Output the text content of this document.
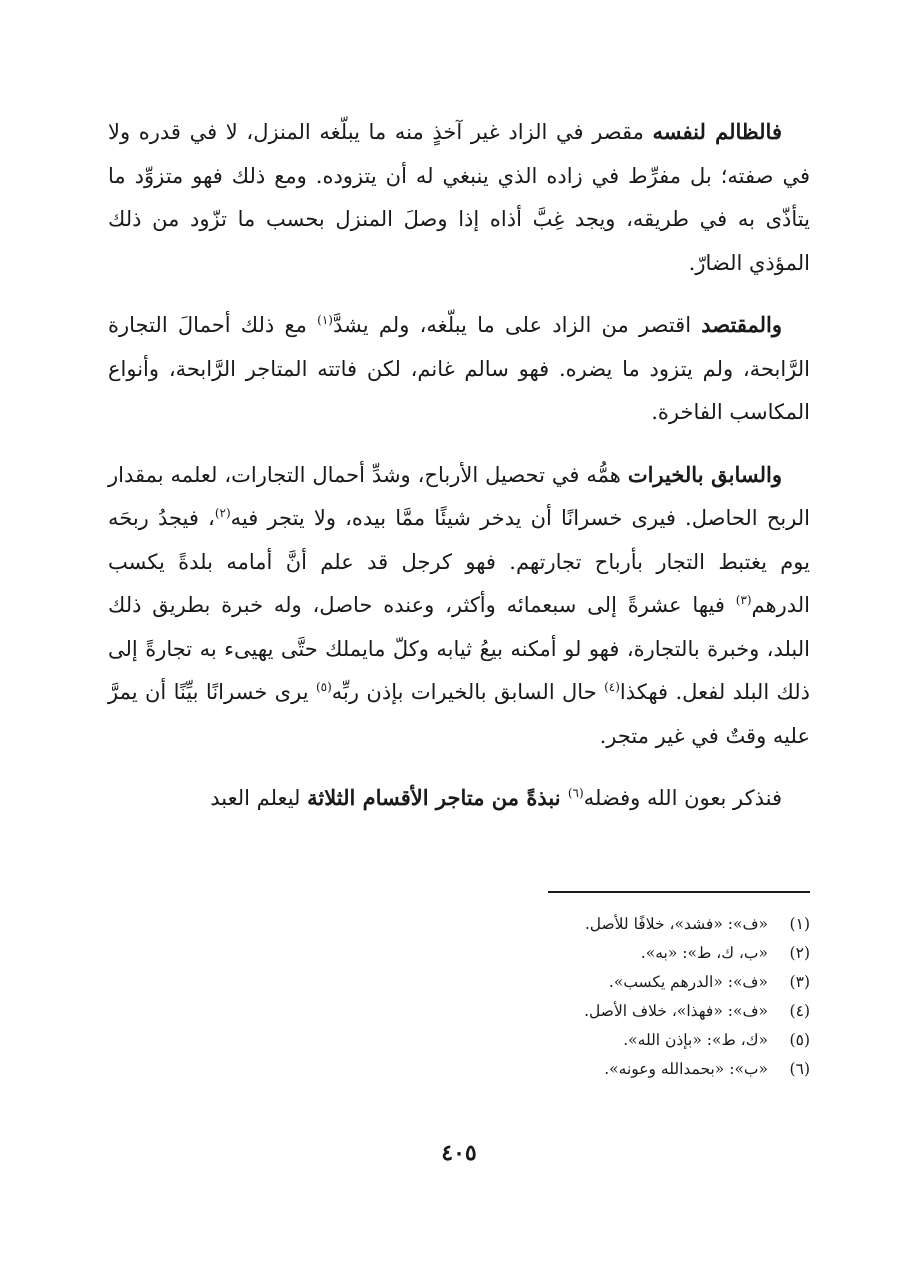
فالظالم لنفسه مقصر في الزاد غير آخذٍ منه ما يبلّغه المنزل، لا في قدره ولا في صفته؛ بل مفرِّط في زاده الذي ينبغي له أن يتزوده. ومع ذلك فهو متزوِّد ما يتأذّى به في طريقه، ويجد غِبَّ أذاه إذا وصلَ المنزل بحسب ما تزّود من ذلك المؤذي الضارّ.

والمقتصد اقتصر من الزاد على ما يبلّغه، ولم يشدَّ$^{(١)}$ مع ذلك أحمالَ التجارة الرَّابحة، ولم يتزود ما يضره. فهو سالم غانم، لكن فاتته المتاجر الرَّابحة، وأنواع المكاسب الفاخرة.

والسابق بالخيرات همُّه في تحصيل الأرباح، وشدِّ أحمال التجارات، لعلمه بمقدار الربح الحاصل. فيرى خسرانًا أن يدخر شيئًا ممَّا بيده، ولا يتجر فيه$^{(٢)}$، فيجدُ ربحَه يوم يغتبط التجار بأرباح تجارتهم. فهو كرجل قد علم أنَّ أمامه بلدةً يكسب الدرهم$^{(٣)}$ فيها عشرةً إلى سبعمائه وأكثر، وعنده حاصل، وله خبرة بطريق ذلك البلد، وخبرة بالتجارة، فهو لو أمكنه بيعُ ثيابه وكلّ مايملك حتَّى يهيىء به تجارةً إلى ذلك البلد لفعل. فهكذا$^{(٤)}$ حال السابق بالخيرات بإذن ربِّه$^{(٥)}$ يرى خسرانًا بيِّنًا أن يمرَّ عليه وقتٌ في غير متجر.

فنذكر بعون الله وفضله$^{(٦)}$ نبذةً من متاجر الأقسام الثلاثة ليعلم العبد

(١)
«ف»: «فشد»، خلافًا للأصل.
(٢)
«ب، ك، ط»: «به».
(٣)
«ف»: «الدرهم يكسب».
(٤)
«ف»: «فهذا»، خلاف الأصل.
(٥)
«ك، ط»: «بإذن الله».
(٦)
«ب»: «بحمدالله وعونه».
٤٠٥
